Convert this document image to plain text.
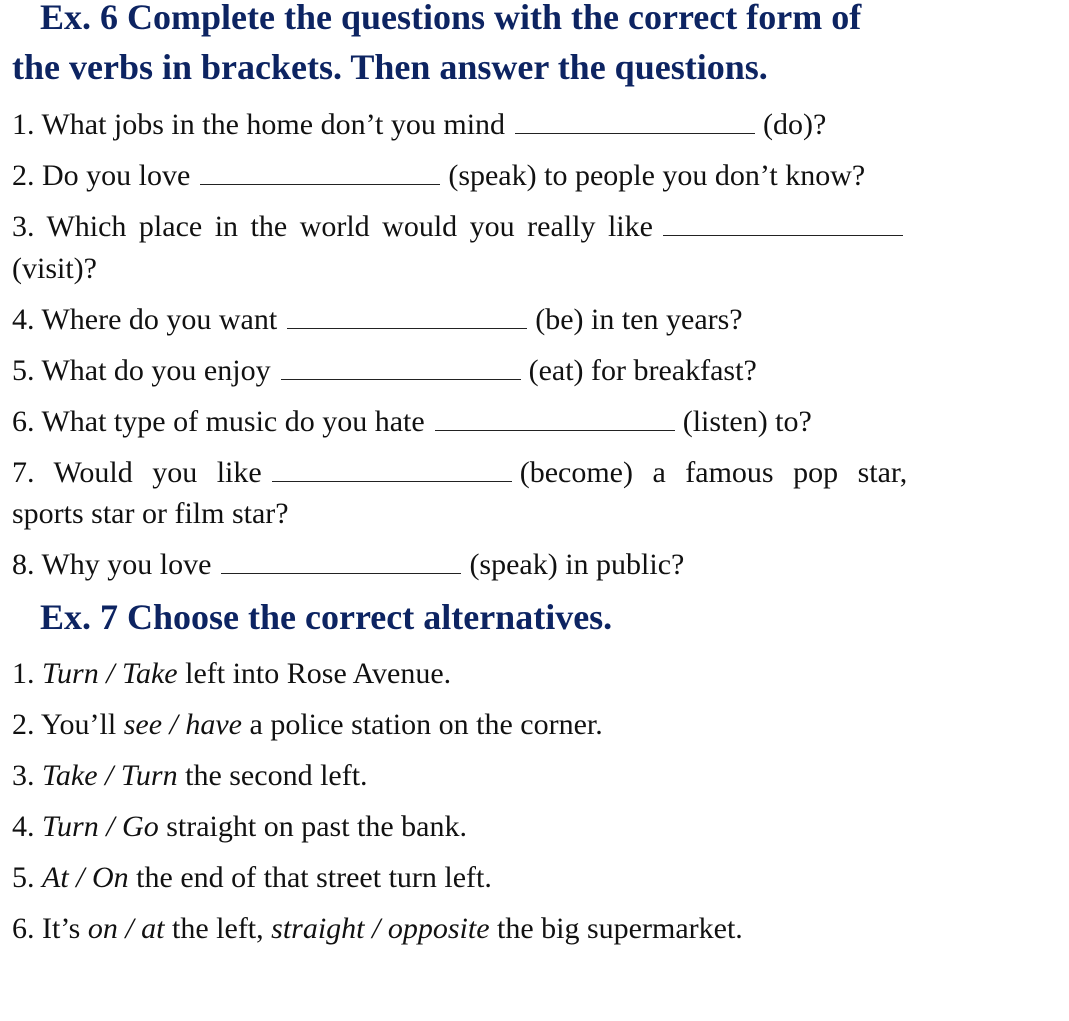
Ex. 6 Complete the questions with the correct form of
the verbs in brackets. Then answer the questions.
1. What jobs in the home don’t you mind	(do)?
2. Do you love	(speak) to people you don’t know?
3. Which place in the world would you really like
(visit)?
4. Where do you want	(be) in ten years?
5. What do you enjoy	(eat) for breakfast?
6. What type of music do you hate	(listen) to?
7. Would you like	(become) a famous pop star,
sports star or film star?
8. Why you love	(speak) in public?
Ex. 7 Choose the correct alternatives.
1. Turn / Take left into Rose Avenue.
2. You’ll see / have a police station on the corner.
3. Take / Turn the second left.
4. Turn / Go straight on past the bank.
5. At / On the end of that street turn left.
6. It’s on / at the left, straight / opposite the big supermarket.
